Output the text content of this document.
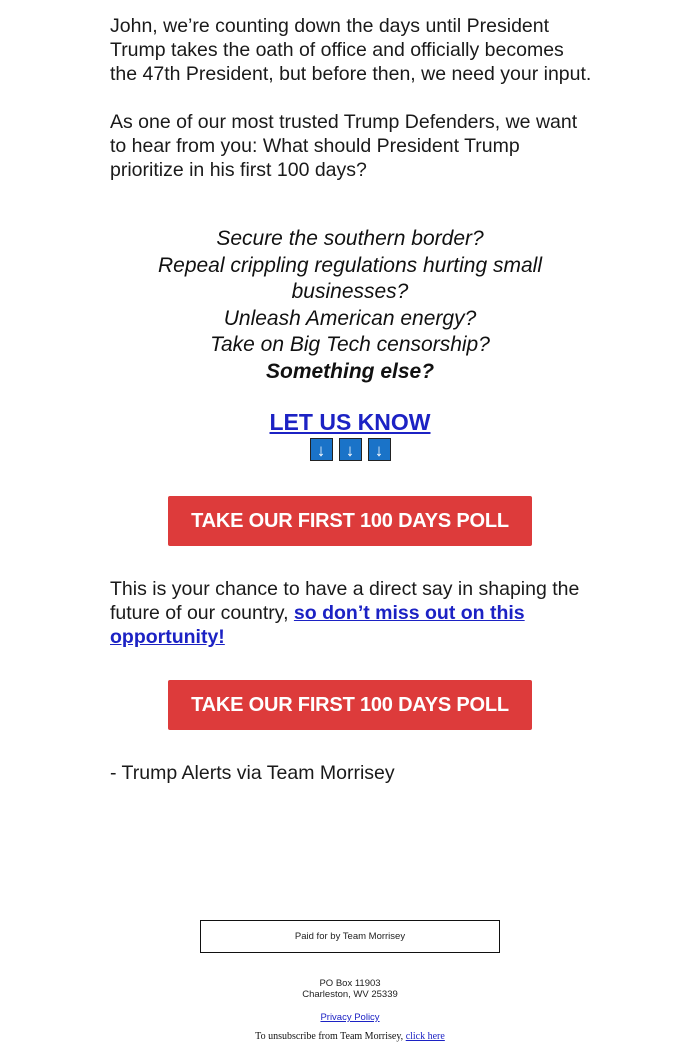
John, we’re counting down the days until President Trump takes the oath of office and officially becomes the 47th President, but before then, we need your input.

As one of our most trusted Trump Defenders, we want to hear from you: What should President Trump prioritize in his first 100 days?

Secure the southern border?
Repeal crippling regulations hurting small businesses?
Unleash American energy?
Take on Big Tech censorship?
Something else?
LET US KNOW
↓ ↓ ↓
TAKE OUR FIRST 100 DAYS POLL
This is your chance to have a direct say in shaping the future of our country, so don’t miss out on this opportunity!
TAKE OUR FIRST 100 DAYS POLL
- Trump Alerts via Team Morrisey
Paid for by Team Morrisey
PO Box 11903
Charleston, WV 25339
Privacy Policy
To unsubscribe from Team Morrisey, click here
